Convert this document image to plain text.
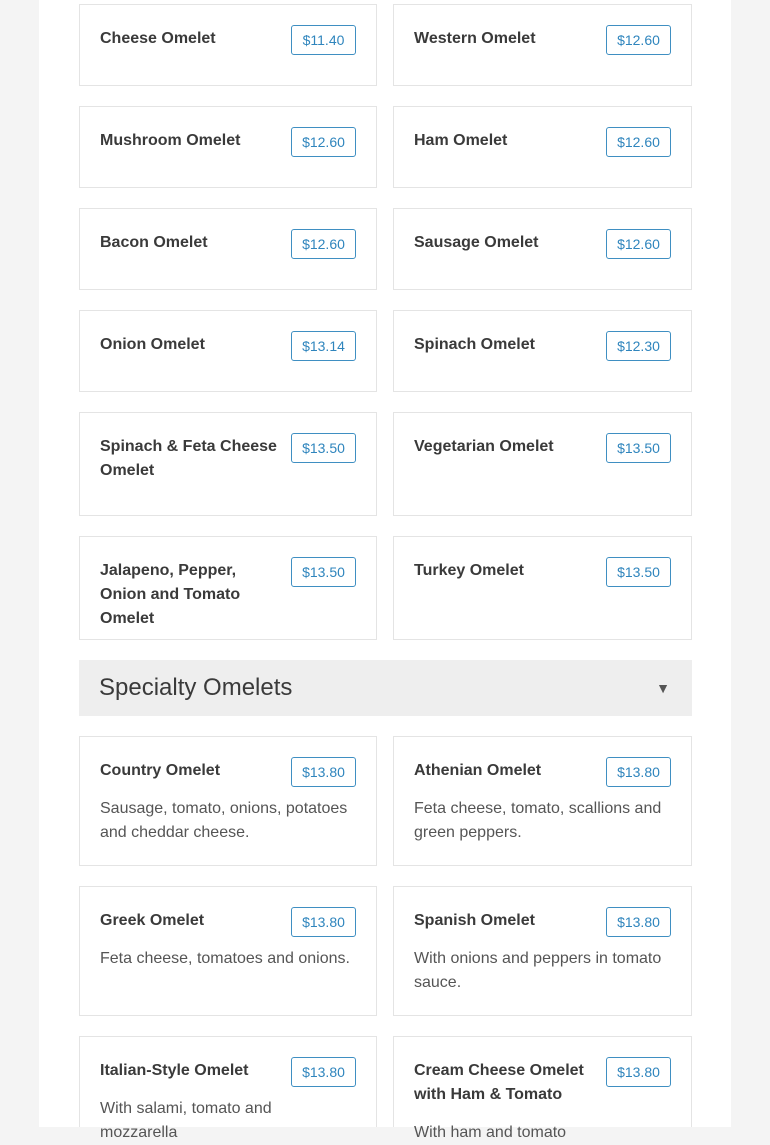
Cheese Omelet	$11.40	Western Omelet	$12.60
Mushroom Omelet	$12.60	Ham Omelet	$12.60
Bacon Omelet	$12.60	Sausage Omelet	$12.60
Onion Omelet	$13.14	Spinach Omelet	$12.30
Spinach & Feta Cheese Omelet
$13.50	Vegetarian Omelet	$13.50
Jalapeno, Pepper, Onion and Tomato Omelet
$13.50	Turkey Omelet	$13.50
Specialty Omelets	▼
Country Omelet	$13.80
Sausage, tomato, onions, potatoes and cheddar cheese.
Athenian Omelet	$13.80
Feta cheese, tomato, scallions and green peppers.
Greek Omelet	$13.80
Feta cheese, tomatoes and onions.
Spanish Omelet	$13.80
With onions and peppers in tomato sauce.
Italian-Style Omelet	$13.80
With salami, tomato and mozzarella
Cream Cheese Omelet with Ham & Tomato
$13.80
With ham and tomato
